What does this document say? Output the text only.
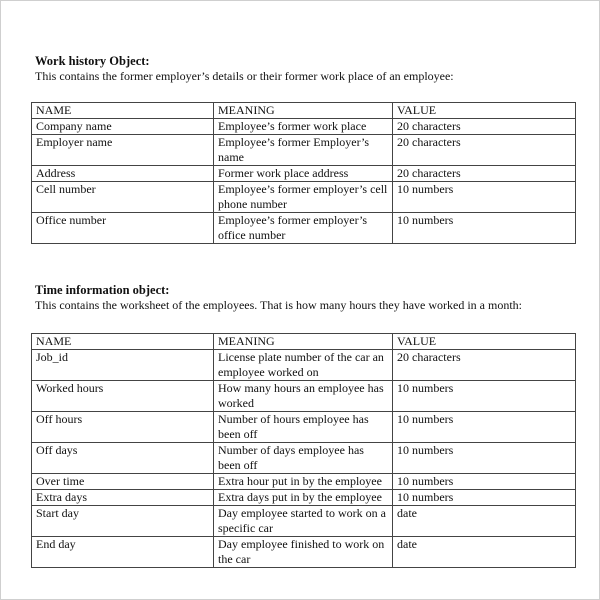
Work history Object:

This contains the former employer’s details or their former work place of an employee:

NAME	MEANING	VALUE
Company name	Employee’s former work place	20 characters
Employer name	Employee’s former Employer’s name	20 characters
Address	Former work place address	20 characters
Cell number	Employee’s former employer’s cell phone number	10 numbers
Office number	Employee’s former employer’s office number	10 numbers

Time information object:

This contains the worksheet of the employees. That is how many hours they have worked in a month:

NAME	MEANING	VALUE
Job_id	License plate number of the car an employee worked on	20 characters
Worked hours	How many hours an employee has worked	10 numbers
Off hours	Number of hours employee has been off	10 numbers
Off days	Number of days employee has been off	10 numbers
Over time	Extra hour put in by the employee	10 numbers
Extra days	Extra days put in by the employee	10 numbers
Start day	Day employee started to work on a specific car	date
End day	Day employee finished to work on the car	date
